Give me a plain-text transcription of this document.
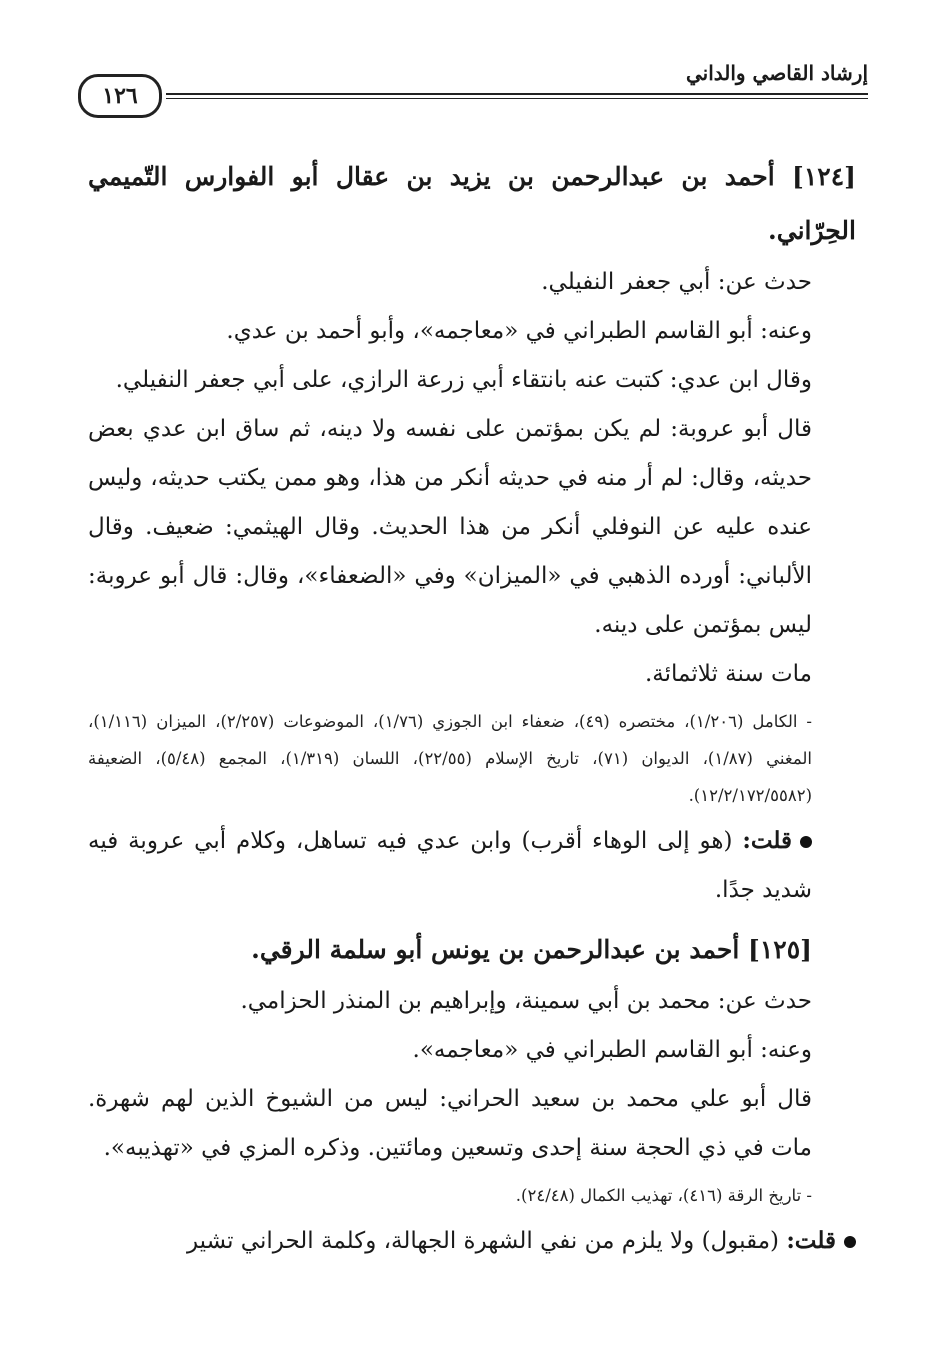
إرشاد القاصي والداني
١٢٦

[١٢٤] أحمد بن عبدالرحمن بن يزيد بن عقال أبو الفوارس التّميمي الحِرّاني.

حدث عن: أبي جعفر النفيلي.

وعنه: أبو القاسم الطبراني في «معاجمه»، وأبو أحمد بن عدي.

وقال ابن عدي: كتبت عنه بانتقاء أبي زرعة الرازي، على أبي جعفر النفيلي.

قال أبو عروبة: لم يكن بمؤتمن على نفسه ولا دينه، ثم ساق ابن عدي بعض حديثه، وقال: لم أر منه في حديثه أنكر من هذا، وهو ممن يكتب حديثه، وليس عنده عليه عن النوفلي أنكر من هذا الحديث. وقال الهيثمي: ضعيف. وقال الألباني: أورده الذهبي في «الميزان» وفي «الضعفاء»، وقال: قال أبو عروبة: ليس بمؤتمن على دينه.

مات سنة ثلاثمائة.

- الكامل (١/٢٠٦)، مختصره (٤٩)، ضعفاء ابن الجوزي (١/٧٦)، الموضوعات (٢/٢٥٧)، الميزان (١/١١٦)، المغني (١/٨٧)، الديوان (٧١)، تاريخ الإسلام (٢٢/٥٥)، اللسان (١/٣١٩)، المجمع (٥/٤٨)، الضعيفة (١٢/٢/١٧٢/٥٥٨٢).

قلت: (هو إلى الوهاء أقرب) وابن عدي فيه تساهل، وكلام أبي عروبة فيه شديد جدًا.

[١٢٥] أحمد بن عبدالرحمن بن يونس أبو سلمة الرقي.

حدث عن: محمد بن أبي سمينة، وإبراهيم بن المنذر الحزامي.

وعنه: أبو القاسم الطبراني في «معاجمه».

قال أبو علي محمد بن سعيد الحراني: ليس من الشيوخ الذين لهم شهرة. مات في ذي الحجة سنة إحدى وتسعين ومائتين. وذكره المزي في «تهذيبه».

- تاريخ الرقة (٤١٦)، تهذيب الكمال (٢٤/٤٨).

قلت: (مقبول) ولا يلزم من نفي الشهرة الجهالة، وكلمة الحراني تشير
